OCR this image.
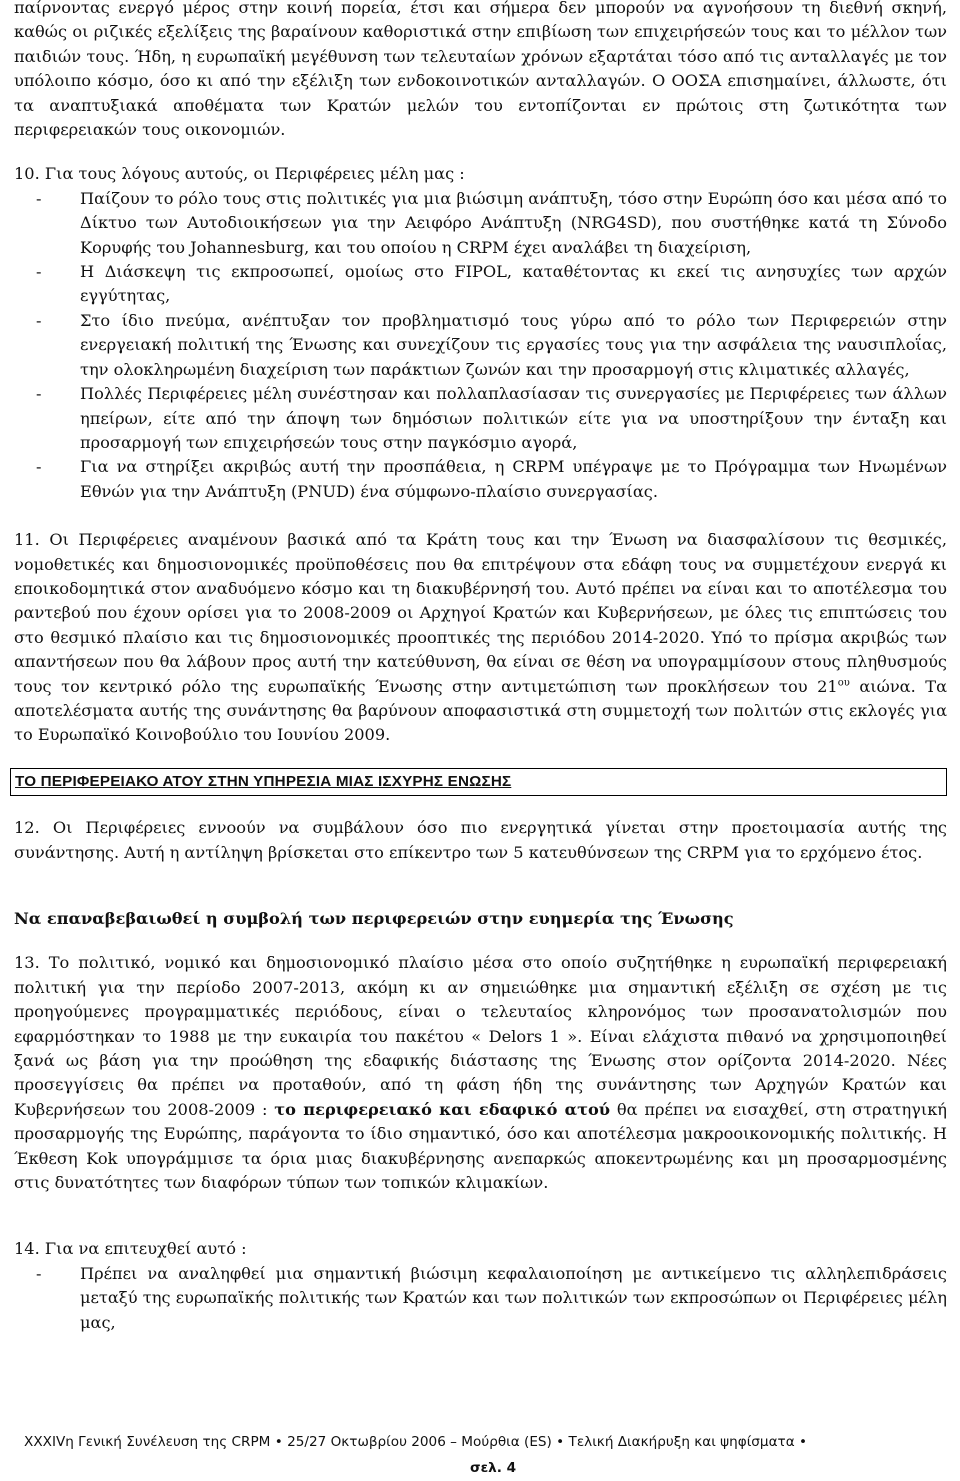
παίρνοντας ενεργό μέρος στην κοινή πορεία, έτσι και σήμερα δεν μπορούν να αγνοήσουν τη διεθνή σκηνή, καθώς οι ριζικές εξελίξεις της βαραίνουν καθοριστικά στην επιβίωση των επιχειρήσεών τους και το μέλλον των παιδιών τους. Ήδη, η ευρωπαϊκή μεγέθυνση των τελευταίων χρόνων εξαρτάται τόσο από τις ανταλλαγές με τον υπόλοιπο κόσμο, όσο κι από την εξέλιξη των ενδοκοινοτικών ανταλλαγών. Ο ΟΟΣΑ επισημαίνει, άλλωστε, ότι τα αναπτυξιακά αποθέματα των Κρατών μελών του εντοπίζονται εν πρώτοις στη ζωτικότητα των περιφερειακών τους οικονομιών.

10. Για τους λόγους αυτούς, οι Περιφέρειες μέλη μας :

- Παίζουν το ρόλο τους στις πολιτικές για μια βιώσιμη ανάπτυξη, τόσο στην Ευρώπη όσο και μέσα από το Δίκτυο των Αυτοδιοικήσεων για την Αειφόρο Ανάπτυξη (NRG4SD), που συστήθηκε κατά τη Σύνοδο Κορυφής του Johannesburg, και του οποίου η CRPM έχει αναλάβει τη διαχείριση,
- Η Διάσκεψη τις εκπροσωπεί, ομοίως στο FIPOL, καταθέτοντας κι εκεί τις ανησυχίες των αρχών εγγύτητας,
- Στο ίδιο πνεύμα, ανέπτυξαν τον προβληματισμό τους γύρω από το ρόλο των Περιφερειών στην ενεργειακή πολιτική της Ένωσης και συνεχίζουν τις εργασίες τους για την ασφάλεια της ναυσιπλοΐας, την ολοκληρωμένη διαχείριση των παράκτιων ζωνών και την προσαρμογή στις κλιματικές αλλαγές,
- Πολλές Περιφέρειες μέλη συνέστησαν και πολλαπλασίασαν τις συνεργασίες με Περιφέρειες των άλλων ηπείρων, είτε από την άποψη των δημόσιων πολιτικών είτε για να υποστηρίξουν την ένταξη και προσαρμογή των επιχειρήσεών τους στην παγκόσμιο αγορά,
- Για να στηρίξει ακριβώς αυτή την προσπάθεια, η CRPM υπέγραψε με το Πρόγραμμα των Ηνωμένων Εθνών για την Ανάπτυξη (PNUD) ένα σύμφωνο-πλαίσιο συνεργασίας.

11. Οι Περιφέρειες αναμένουν βασικά από τα Κράτη τους και την Ένωση να διασφαλίσουν τις θεσμικές, νομοθετικές και δημοσιονομικές προϋποθέσεις που θα επιτρέψουν στα εδάφη τους να συμμετέχουν ενεργά κι εποικοδομητικά στον αναδυόμενο κόσμο και τη διακυβέρνησή του. Αυτό πρέπει να είναι και το αποτέλεσμα του ραντεβού που έχουν ορίσει για το 2008-2009 οι Αρχηγοί Κρατών και Κυβερνήσεων, με όλες τις επιπτώσεις του στο θεσμικό πλαίσιο και τις δημοσιονομικές προοπτικές της περιόδου 2014-2020. Υπό το πρίσμα ακριβώς των απαντήσεων που θα λάβουν προς αυτή την κατεύθυνση, θα είναι σε θέση να υπογραμμίσουν στους πληθυσμούς τους τον κεντρικό ρόλο της ευρωπαϊκής Ένωσης στην αντιμετώπιση των προκλήσεων του $21^{o\upsilon}$ αιώνα. Τα αποτελέσματα αυτής της συνάντησης θα βαρύνουν αποφασιστικά στη συμμετοχή των πολιτών στις εκλογές για το Ευρωπαϊκό Κοινοβούλιο του Ιουνίου 2009.

ΤΟ ΠΕΡΙΦΕΡΕΙΑΚΟ ΑΤΟΥ ΣΤΗΝ ΥΠΗΡΕΣΙΑ ΜΙΑΣ ΙΣΧΥΡΗΣ ΕΝΩΣΗΣ

12. Οι Περιφέρειες εννοούν να συμβάλουν όσο πιο ενεργητικά γίνεται στην προετοιμασία αυτής της συνάντησης. Αυτή η αντίληψη βρίσκεται στο επίκεντρο των 5 κατευθύνσεων της CRPM για το ερχόμενο έτος.

Να επαναβεβαιωθεί η συμβολή των περιφερειών στην ευημερία της Ένωσης

13. Το πολιτικό, νομικό και δημοσιονομικό πλαίσιο μέσα στο οποίο συζητήθηκε η ευρωπαϊκή περιφερειακή πολιτική για την περίοδο 2007-2013, ακόμη κι αν σημειώθηκε μια σημαντική εξέλιξη σε σχέση με τις προηγούμενες προγραμματικές περιόδους, είναι ο τελευταίος κληρονόμος των προσανατολισμών που εφαρμόστηκαν το 1988 με την ευκαιρία του πακέτου « Delors 1 ». Είναι ελάχιστα πιθανό να χρησιμοποιηθεί ξανά ως βάση για την προώθηση της εδαφικής διάστασης της Ένωσης στον ορίζοντα 2014-2020. Νέες προσεγγίσεις θα πρέπει να προταθούν, από τη φάση ήδη της συνάντησης των Αρχηγών Κρατών και Κυβερνήσεων του 2008-2009 : το περιφερειακό και εδαφικό ατού θα πρέπει να εισαχθεί, στη στρατηγική προσαρμογής της Ευρώπης, παράγοντα το ίδιο σημαντικό, όσο και αποτέλεσμα μακροοικονομικής πολιτικής. Η Έκθεση Kok υπογράμμισε τα όρια μιας διακυβέρνησης ανεπαρκώς αποκεντρωμένης και μη προσαρμοσμένης στις δυνατότητες των διαφόρων τύπων των τοπικών κλιμακίων.

14. Για να επιτευχθεί αυτό :

- Πρέπει να αναληφθεί μια σημαντική βιώσιμη κεφαλαιοποίηση με αντικείμενο τις αλληλεπιδράσεις μεταξύ της ευρωπαϊκής πολιτικής των Κρατών και των πολιτικών των εκπροσώπων οι Περιφέρειες μέλη μας,
XXXIVη Γενική Συνέλευση της CRPM • 25/27 Οκτωβρίου 2006 – Μούρθια (ES) • Τελική Διακήρυξη και ψηφίσματα •
σελ. 4
